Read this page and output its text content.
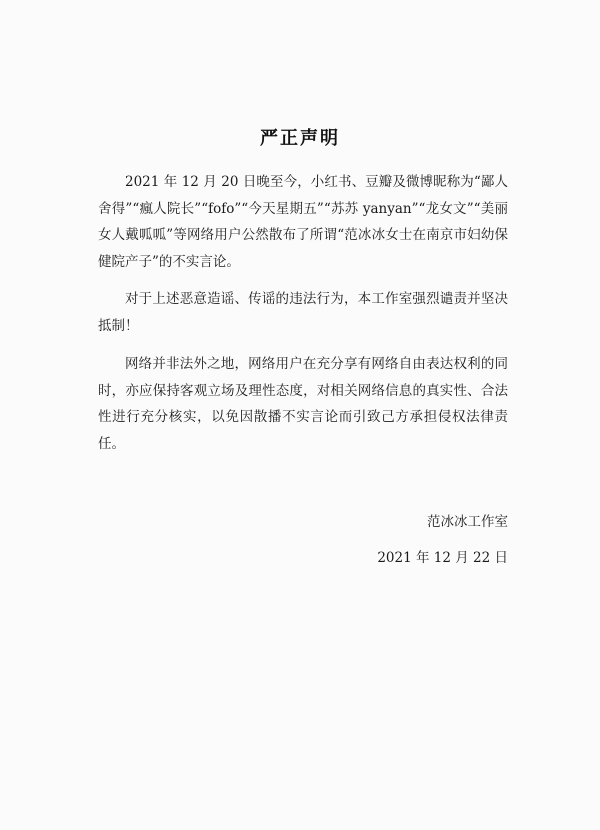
严正声明
2021 年 12 月 20 日晚至今，小红书、豆瓣及微博昵称为“鄙人舍得”“瘋人院长”“fofo”“今天星期五”“苏苏 yanyan”“龙女文”“美丽女人戴呱呱”等网络用户公然散布了所谓“范冰冰女士在南京市妇幼保健院产子”的不实言论。
对于上述恶意造谣、传谣的违法行为，本工作室强烈谴责并坚决抵制！
网络并非法外之地，网络用户在充分享有网络自由表达权利的同时，亦应保持客观立场及理性态度，对相关网络信息的真实性、合法性进行充分核实，以免因散播不实言论而引致己方承担侵权法律责任。
范冰冰工作室
2021 年 12 月 22 日
